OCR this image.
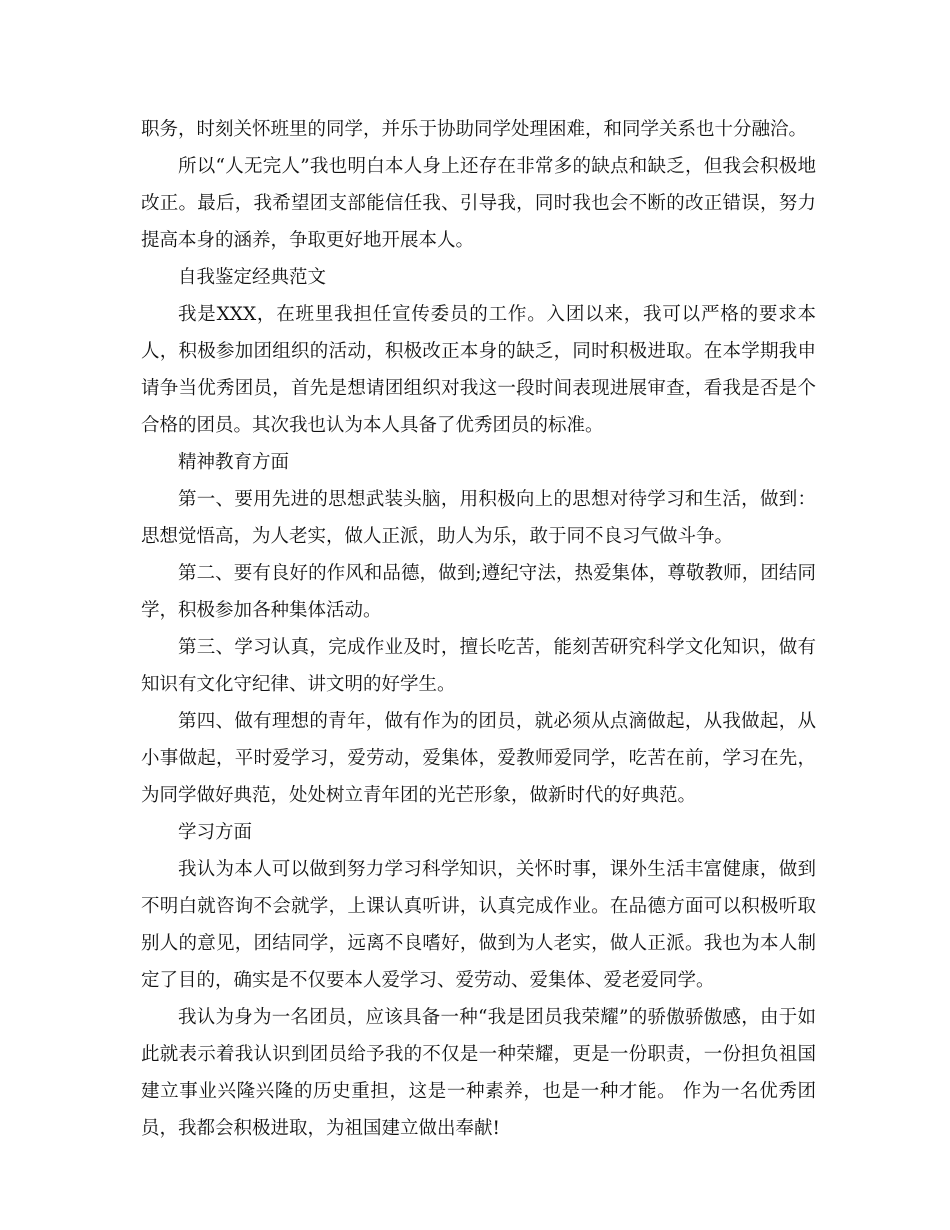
职务，时刻关怀班里的同学，并乐于协助同学处理困难，和同学关系也十分融洽。

所以“人无完人”我也明白本人身上还存在非常多的缺点和缺乏，但我会积极地改正。最后，我希望团支部能信任我、引导我，同时我也会不断的改正错误，努力提高本身的涵养，争取更好地开展本人。

自我鉴定经典范文

我是XXX，在班里我担任宣传委员的工作。入团以来，我可以严格的要求本人，积极参加团组织的活动，积极改正本身的缺乏，同时积极进取。在本学期我申请争当优秀团员，首先是想请团组织对我这一段时间表现进展审查，看我是否是个合格的团员。其次我也认为本人具备了优秀团员的标准。

精神教育方面

第一、要用先进的思想武装头脑，用积极向上的思想对待学习和生活，做到：思想觉悟高，为人老实，做人正派，助人为乐，敢于同不良习气做斗争。

第二、要有良好的作风和品德，做到;遵纪守法，热爱集体，尊敬教师，团结同学，积极参加各种集体活动。

第三、学习认真，完成作业及时，擅长吃苦，能刻苦研究科学文化知识，做有知识有文化守纪律、讲文明的好学生。

第四、做有理想的青年，做有作为的团员，就必须从点滴做起，从我做起，从小事做起，平时爱学习，爱劳动，爱集体，爱教师爱同学，吃苦在前，学习在先，为同学做好典范，处处树立青年团的光芒形象，做新时代的好典范。

学习方面

我认为本人可以做到努力学习科学知识，关怀时事，课外生活丰富健康，做到不明白就咨询不会就学，上课认真听讲，认真完成作业。在品德方面可以积极听取别人的意见，团结同学，远离不良嗜好，做到为人老实，做人正派。我也为本人制定了目的，确实是不仅要本人爱学习、爱劳动、爱集体、爱老爱同学。

我认为身为一名团员，应该具备一种“我是团员我荣耀”的骄傲骄傲感，由于如此就表示着我认识到团员给予我的不仅是一种荣耀，更是一份职责，一份担负祖国建立事业兴隆兴隆的历史重担，这是一种素养，也是一种才能。 作为一名优秀团员，我都会积极进取，为祖国建立做出奉献!
